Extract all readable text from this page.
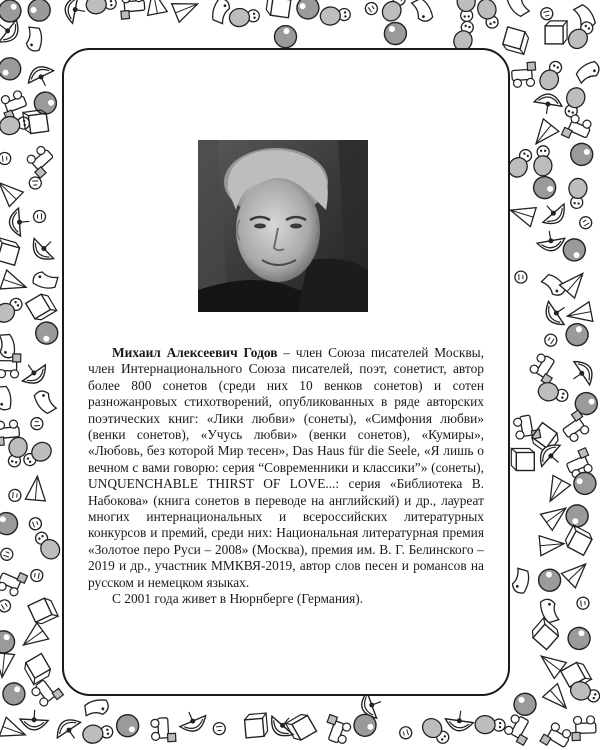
Михаил Алексеевич Годов – член Союза писателей Москвы, член Интернационального Союза писателей, поэт, сонетист, автор более 800 сонетов (среди них 10 венков сонетов) и сотен разножанровых стихотворений, опубликованных в ряде авторских поэтических книг: «Лики любви» (сонеты), «Симфония любви» (венки сонетов), «Учусь любви» (венки сонетов), «Кумиры», «Любовь, без которой Мир тесен», Das Haus für die Seele, «Я лишь о вечном с вами говорю: серия “Современники и классики”» (сонеты), UNQUENCHABLE THIRST OF LOVE...: серия «Библиотека В. Набокова» (книга сонетов в переводе на английский) и др., лауреат многих интернациональных и всероссийских литературных конкурсов и премий, среди них: Национальная литературная премия «Золотое перо Руси – 2008» (Москва), премия им. В. Г. Белинского – 2019 и др., участник ММКВЯ-2019, автор слов песен и романсов на русском и немецком языках.

С 2001 года живет в Нюрнберге (Германия).
